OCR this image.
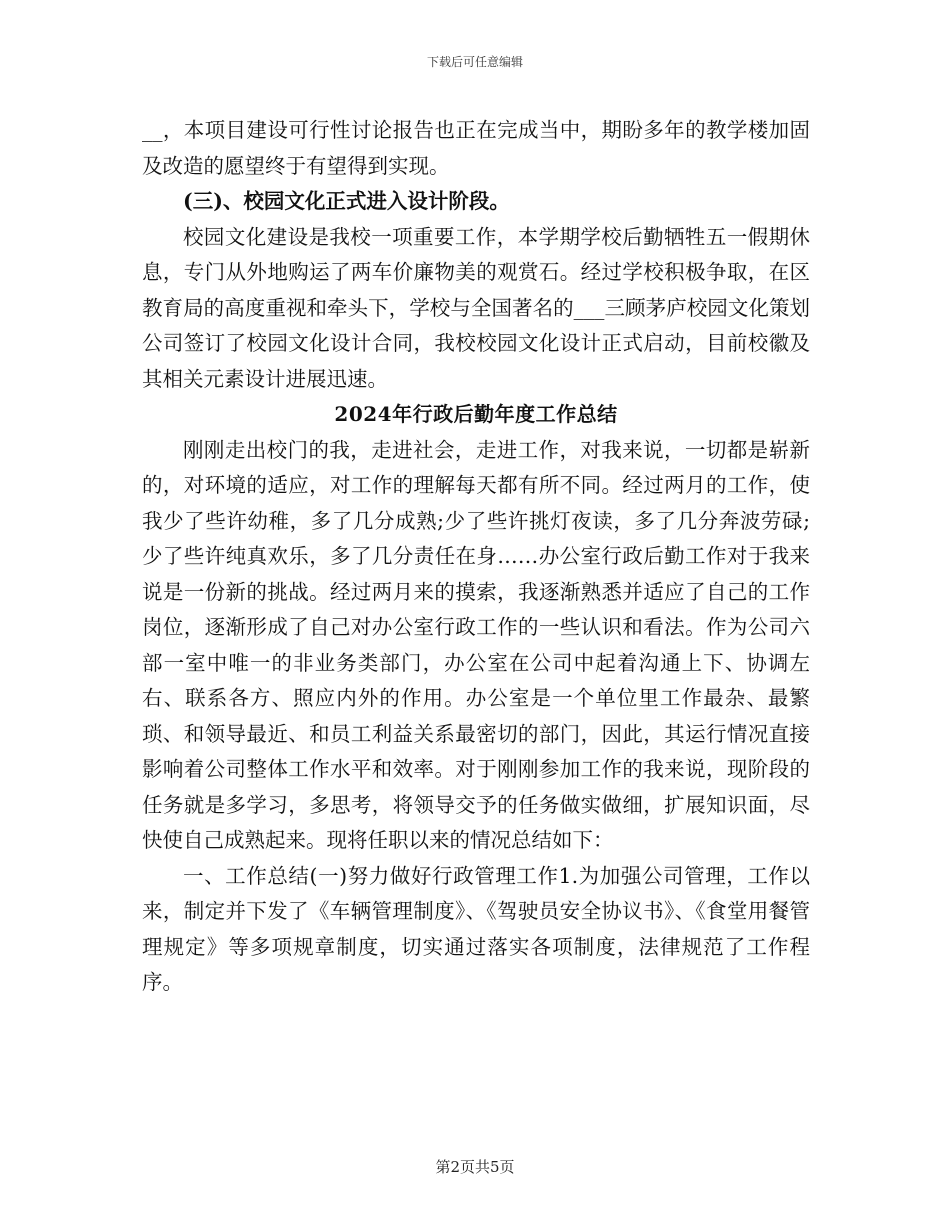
下载后可任意编辑

__，本项目建设可行性讨论报告也正在完成当中，期盼多年的教学楼加固及改造的愿望终于有望得到实现。

(三)、校园文化正式进入设计阶段。

校园文化建设是我校一项重要工作，本学期学校后勤牺牲五一假期休息，专门从外地购运了两车价廉物美的观赏石。经过学校积极争取，在区教育局的高度重视和牵头下，学校与全国著名的___三顾茅庐校园文化策划公司签订了校园文化设计合同，我校校园文化设计正式启动，目前校徽及其相关元素设计进展迅速。

2024年行政后勤年度工作总结

刚刚走出校门的我，走进社会，走进工作，对我来说，一切都是崭新的，对环境的适应，对工作的理解每天都有所不同。经过两月的工作，使我少了些许幼稚，多了几分成熟;少了些许挑灯夜读，多了几分奔波劳碌;少了些许纯真欢乐，多了几分责任在身……办公室行政后勤工作对于我来说是一份新的挑战。经过两月来的摸索，我逐渐熟悉并适应了自己的工作岗位，逐渐形成了自己对办公室行政工作的一些认识和看法。作为公司六部一室中唯一的非业务类部门，办公室在公司中起着沟通上下、协调左右、联系各方、照应内外的作用。办公室是一个单位里工作最杂、最繁琐、和领导最近、和员工利益关系最密切的部门，因此，其运行情况直接影响着公司整体工作水平和效率。对于刚刚参加工作的我来说，现阶段的任务就是多学习，多思考，将领导交予的任务做实做细，扩展知识面，尽快使自己成熟起来。现将任职以来的情况总结如下：

一、工作总结(一)努力做好行政管理工作1.为加强公司管理，工作以来，制定并下发了《车辆管理制度》、《驾驶员安全协议书》、《食堂用餐管理规定》等多项规章制度，切实通过落实各项制度，法律规范了工作程序。

第2页共5页
